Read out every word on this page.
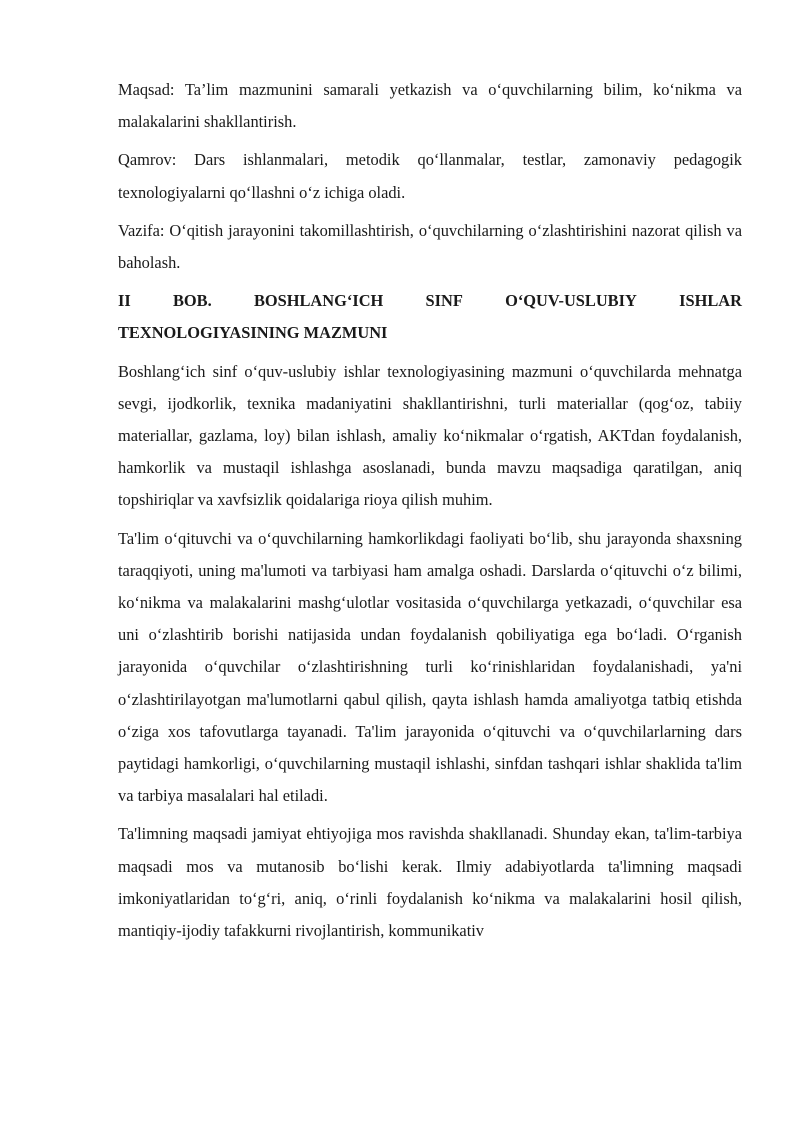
Maqsad: Ta’lim mazmunini samarali yetkazish va o‘quvchilarning bilim, ko‘nikma va malakalarini shakllantirish.

Qamrov: Dars ishlanmalari, metodik qo‘llanmalar, testlar, zamonaviy pedagogik texnologiyalarni qo‘llashni o‘z ichiga oladi.

Vazifa: O‘qitish jarayonini takomillashtirish, o‘quvchilarning o‘zlashtirishini nazorat qilish va baholash.

II	BOB.	BOSHLANG‘ICH	SINF	O‘QUV-USLUBIY	ISHLAR
TEXNOLOGIYASINING MAZMUNI

Boshlang‘ich sinf o‘quv-uslubiy ishlar texnologiyasining mazmuni o‘quvchilarda mehnatga sevgi, ijodkorlik, texnika madaniyatini shakllantirishni, turli materiallar (qog‘oz, tabiiy materiallar, gazlama, loy) bilan ishlash, amaliy ko‘nikmalar o‘rgatish, AKTdan foydalanish, hamkorlik va mustaqil ishlashga asoslanadi, bunda mavzu maqsadiga qaratilgan, aniq topshiriqlar va xavfsizlik qoidalariga rioya qilish muhim.

Ta'lim o‘qituvchi va o‘quvchilarning hamkorlikdagi faoliyati bo‘lib, shu jarayonda shaxsning taraqqiyoti, uning ma'lumoti va tarbiyasi ham amalga oshadi. Darslarda o‘qituvchi o‘z bilimi, ko‘nikma va malakalarini mashg‘ulotlar vositasida o‘quvchilarga yetkazadi, o‘quvchilar esa uni o‘zlashtirib borishi natijasida undan foydalanish qobiliyatiga ega bo‘ladi. O‘rganish jarayonida o‘quvchilar o‘zlashtirishning turli ko‘rinishlaridan foydalanishadi, ya'ni o‘zlashtirilayotgan ma'lumotlarni qabul qilish, qayta ishlash hamda amaliyotga tatbiq etishda o‘ziga xos tafovutlarga tayanadi. Ta'lim jarayonida o‘qituvchi va o‘quvchilarlarning dars paytidagi hamkorligi, o‘quvchilarning mustaqil ishlashi, sinfdan tashqari ishlar shaklida ta'lim va tarbiya masalalari hal etiladi.

Ta'limning maqsadi jamiyat ehtiyojiga mos ravishda shakllanadi. Shunday ekan, ta'lim-tarbiya maqsadi mos va mutanosib bo‘lishi kerak. Ilmiy adabiyotlarda ta'limning maqsadi imkoniyatlaridan to‘g‘ri, aniq, o‘rinli foydalanish ko‘nikma va malakalarini hosil qilish, mantiqiy-ijodiy tafakkurni rivojlantirish, kommunikativ
